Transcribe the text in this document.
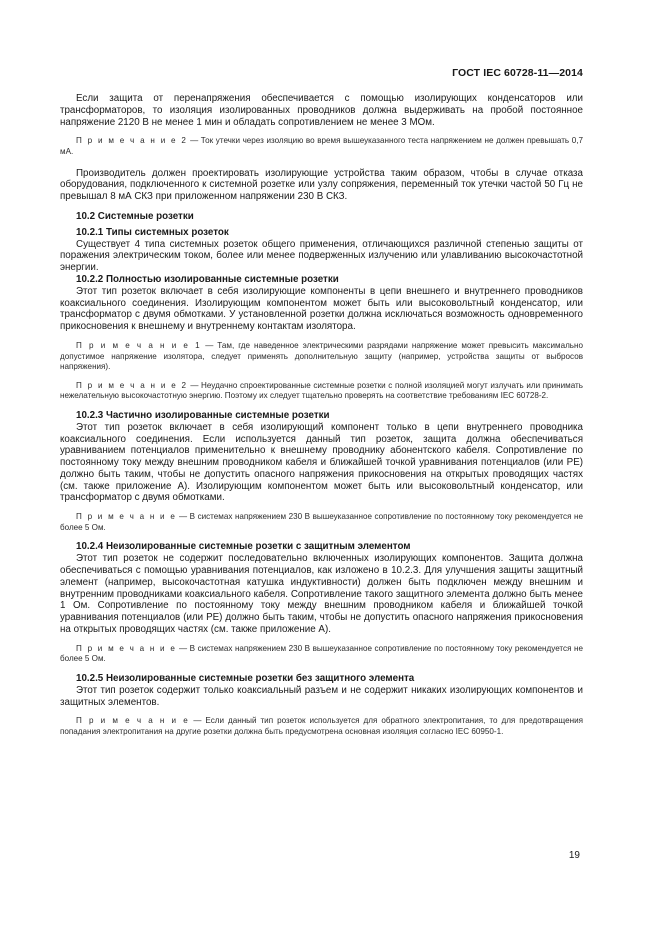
ГОСТ IEC 60728-11—2014

Если защита от перенапряжения обеспечивается с помощью изолирующих конденсаторов или трансформаторов, то изоляция изолированных проводников должна выдерживать на пробой постоянное напряжение 2120 В не менее 1 мин и обладать сопротивлением не менее 3 МОм.

П р и м е ч а н и е 2 — Ток утечки через изоляцию во время вышеуказанного теста напряжением не должен превышать 0,7 мА.

Производитель должен проектировать изолирующие устройства таким образом, чтобы в случае отказа оборудования, подключенного к системной розетке или узлу сопряжения, переменный ток утечки частой 50 Гц не превышал 8 мА СКЗ при приложенном напряжении 230 В СКЗ.

10.2 Системные розетки
10.2.1 Типы системных розеток

Существует 4 типа системных розеток общего применения, отличающихся различной степенью защиты от поражения электрическим током, более или менее подверженных излучению или улавливанию высокочастотной энергии.

10.2.2 Полностью изолированные системные розетки

Этот тип розеток включает в себя изолирующие компоненты в цепи внешнего и внутреннего проводников коаксиального соединения. Изолирующим компонентом может быть или высоковольтный конденсатор, или трансформатор с двумя обмотками. У установленной розетки должна исключаться возможность одновременного прикосновения к внешнему и внутреннему контактам изолятора.

П р и м е ч а н и е 1 — Там, где наведенное электрическими разрядами напряжение может превысить максимально допустимое напряжение изолятора, следует применять дополнительную защиту (например, устройства защиты от выбросов напряжения).
П р и м е ч а н и е 2 — Неудачно спроектированные системные розетки с полной изоляцией могут излучать или принимать нежелательную высокочастотную энергию. Поэтому их следует тщательно проверять на соответствие требованиям IEC 60728-2.
10.2.3 Частично изолированные системные розетки

Этот тип розеток включает в себя изолирующий компонент только в цепи внутреннего проводника коаксиального соединения. Если используется данный тип розеток, защита должна обеспечиваться уравниванием потенциалов применительно к внешнему проводнику абонентского кабеля. Сопротивление по постоянному току между внешним проводником кабеля и ближайшей точкой уравнивания потенциалов (или PE) должно быть таким, чтобы не допустить опасного напряжения прикосновения на открытых проводящих частях (см. также приложение А). Изолирующим компонентом может быть или высоковольтный конденсатор, или трансформатор с двумя обмотками.

П р и м е ч а н и е — В системах напряжением 230 В вышеуказанное сопротивление по постоянному току рекомендуется не более 5 Ом.
10.2.4 Неизолированные системные розетки с защитным элементом

Этот тип розеток не содержит последовательно включенных изолирующих компонентов. Защита должна обеспечиваться с помощью уравнивания потенциалов, как изложено в 10.2.3. Для улучшения защиты защитный элемент (например, высокочастотная катушка индуктивности) должен быть подключен между внешним и внутренним проводниками коаксиального кабеля. Сопротивление такого защитного элемента должно быть менее 1 Ом. Сопротивление по постоянному току между внешним проводником кабеля и ближайшей точкой уравнивания потенциалов (или PE) должно быть таким, чтобы не допустить опасного напряжения прикосновения на открытых проводящих частях (см. также приложение А).

П р и м е ч а н и е — В системах напряжением 230 В вышеуказанное сопротивление по постоянному току рекомендуется не более 5 Ом.
10.2.5 Неизолированные системные розетки без защитного элемента

Этот тип розеток содержит только коаксиальный разъем и не содержит никаких изолирующих компонентов и защитных элементов.

П р и м е ч а н и е — Если данный тип розеток используется для обратного электропитания, то для предотвращения попадания электропитания на другие розетки должна быть предусмотрена основная изоляция согласно IEC 60950-1.
19
